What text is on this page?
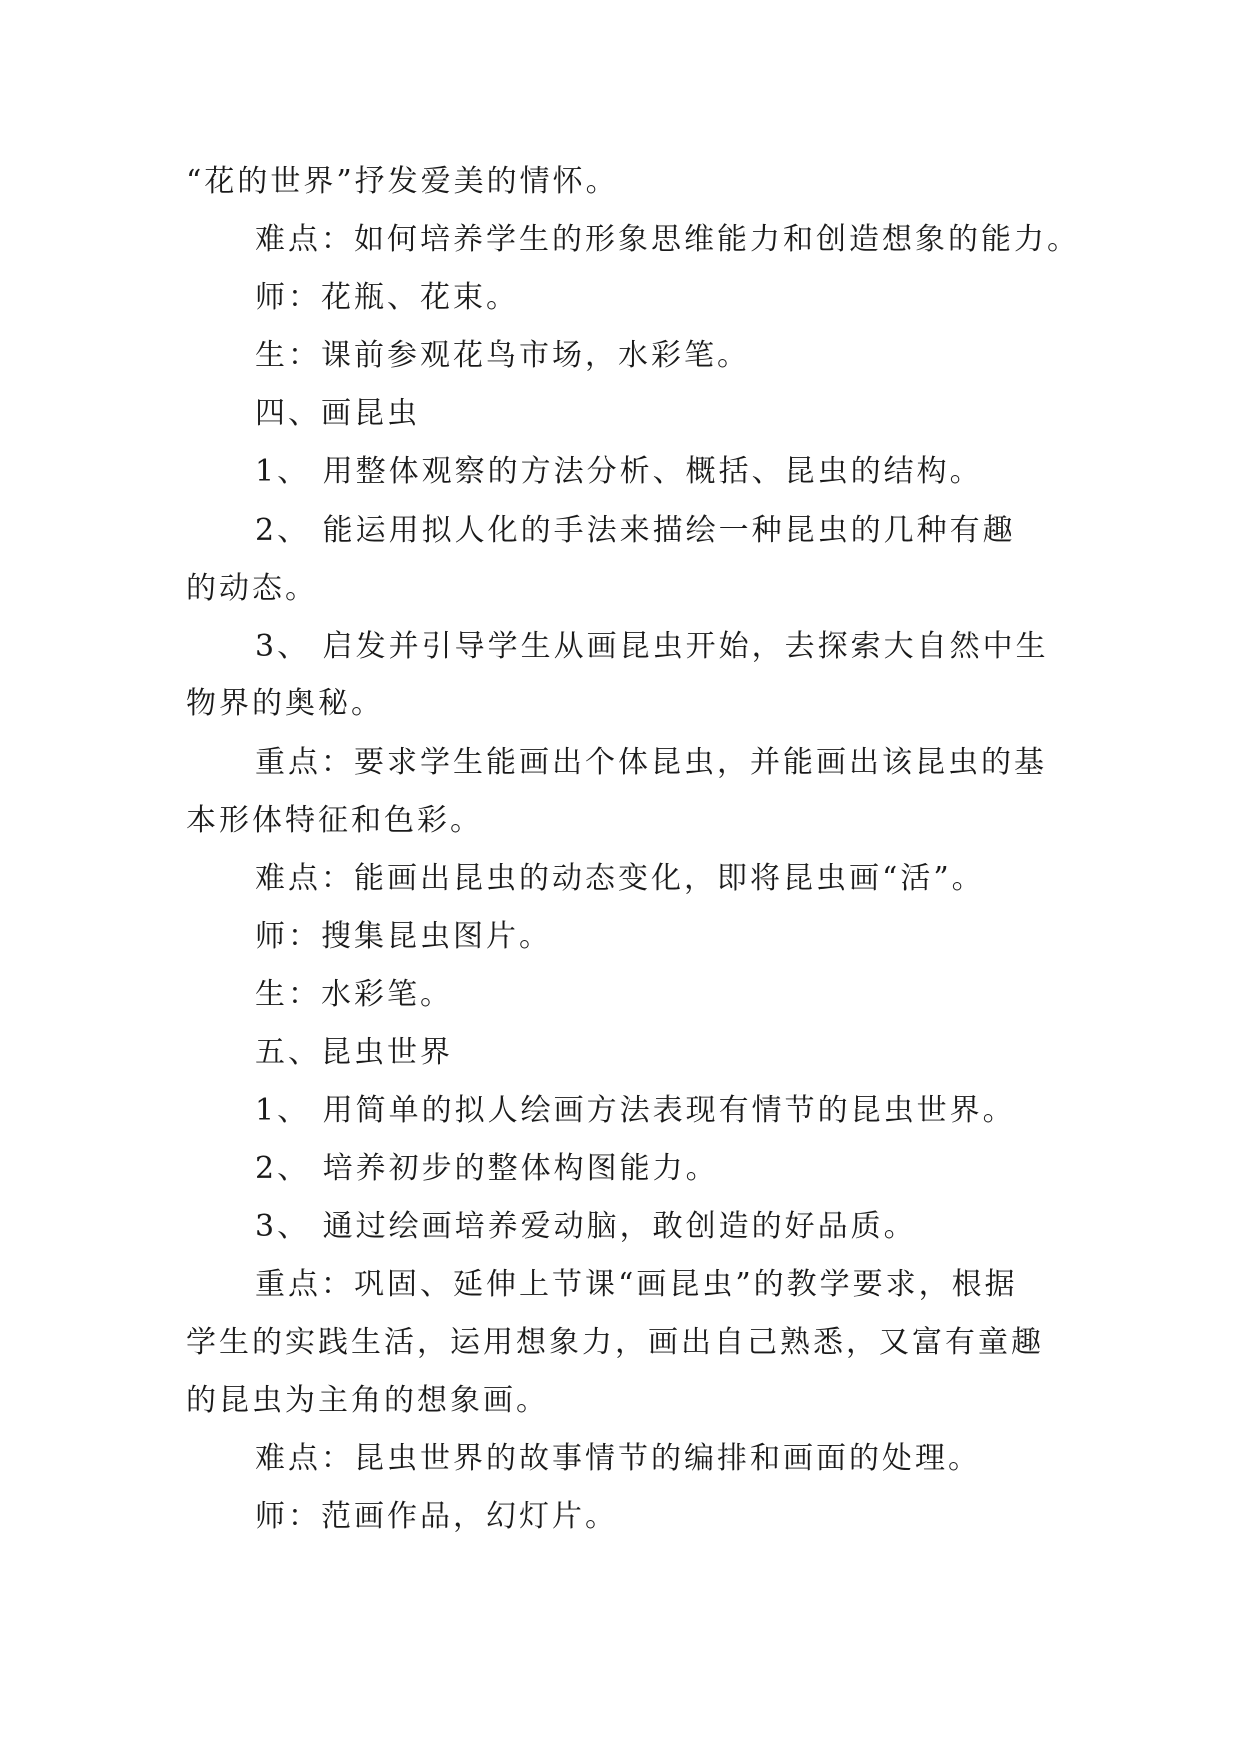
“花的世界”抒发爱美的情怀。
难点：如何培养学生的形象思维能力和创造想象的能力。
师：花瓶、花束。
生：课前参观花鸟市场，水彩笔。
四、画昆虫
1、 用整体观察的方法分析、概括、昆虫的结构。
2、 能运用拟人化的手法来描绘一种昆虫的几种有趣
的动态。
3、 启发并引导学生从画昆虫开始，去探索大自然中生
物界的奥秘。
重点：要求学生能画出个体昆虫，并能画出该昆虫的基
本形体特征和色彩。
难点：能画出昆虫的动态变化，即将昆虫画“活”。
师：搜集昆虫图片。
生：水彩笔。
五、昆虫世界
1、 用简单的拟人绘画方法表现有情节的昆虫世界。
2、 培养初步的整体构图能力。
3、 通过绘画培养爱动脑，敢创造的好品质。
重点：巩固、延伸上节课“画昆虫”的教学要求，根据
学生的实践生活，运用想象力，画出自己熟悉，又富有童趣
的昆虫为主角的想象画。
难点：昆虫世界的故事情节的编排和画面的处理。
师：范画作品，幻灯片。
